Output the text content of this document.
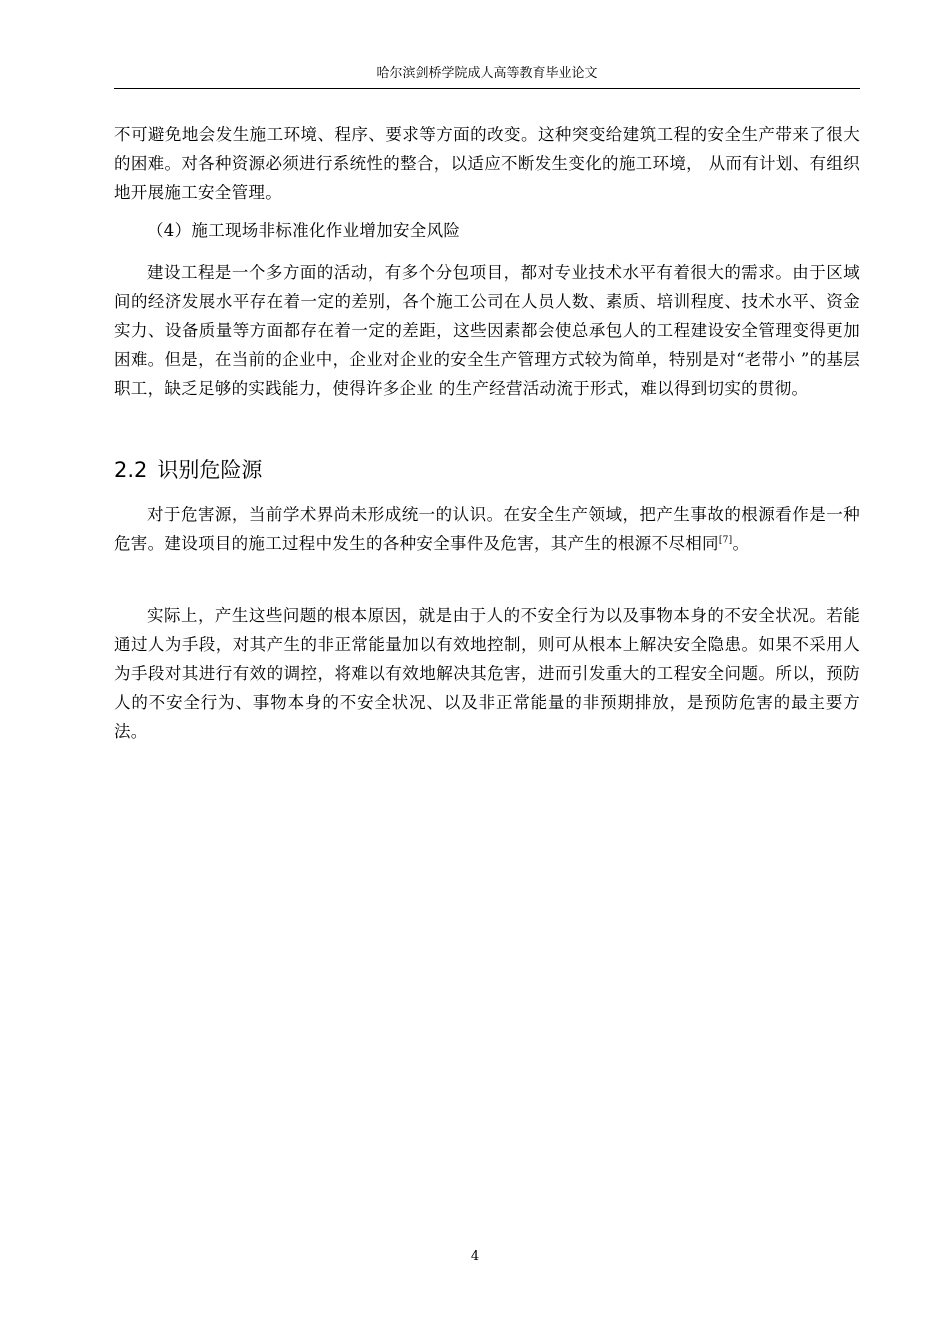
哈尔滨剑桥学院成人高等教育毕业论文

不可避免地会发生施工环境、程序、要求等方面的改变。这种突变给建筑工程的安全生产带来了很大的困难。对各种资源必须进行系统性的整合，以适应不断发生变化的施工环境， 从而有计划、有组织地开展施工安全管理。

（4）施工现场非标准化作业增加安全风险

建设工程是一个多方面的活动，有多个分包项目，都对专业技术水平有着很大的需求。由于区域间的经济发展水平存在着一定的差别，各个施工公司在人员人数、素质、培训程度、技术水平、资金实力、设备质量等方面都存在着一定的差距，这些因素都会使总承包人的工程建设安全管理变得更加困难。但是，在当前的企业中，企业对企业的安全生产管理方式较为简单，特别是对“老带小 ”的基层职工，缺乏足够的实践能力，使得许多企业 的生产经营活动流于形式，难以得到切实的贯彻。

2.2 识别危险源

对于危害源，当前学术界尚未形成统一的认识。在安全生产领域，把产生事故的根源看作是一种危害。建设项目的施工过程中发生的各种安全事件及危害，其产生的根源不尽相同[7]。

实际上，产生这些问题的根本原因，就是由于人的不安全行为以及事物本身的不安全状况。若能通过人为手段，对其产生的非正常能量加以有效地控制，则可从根本上解决安全隐患。如果不采用人为手段对其进行有效的调控，将难以有效地解决其危害，进而引发重大的工程安全问题。所以，预防人的不安全行为、事物本身的不安全状况、以及非正常能量的非预期排放，是预防危害的最主要方法。

4
